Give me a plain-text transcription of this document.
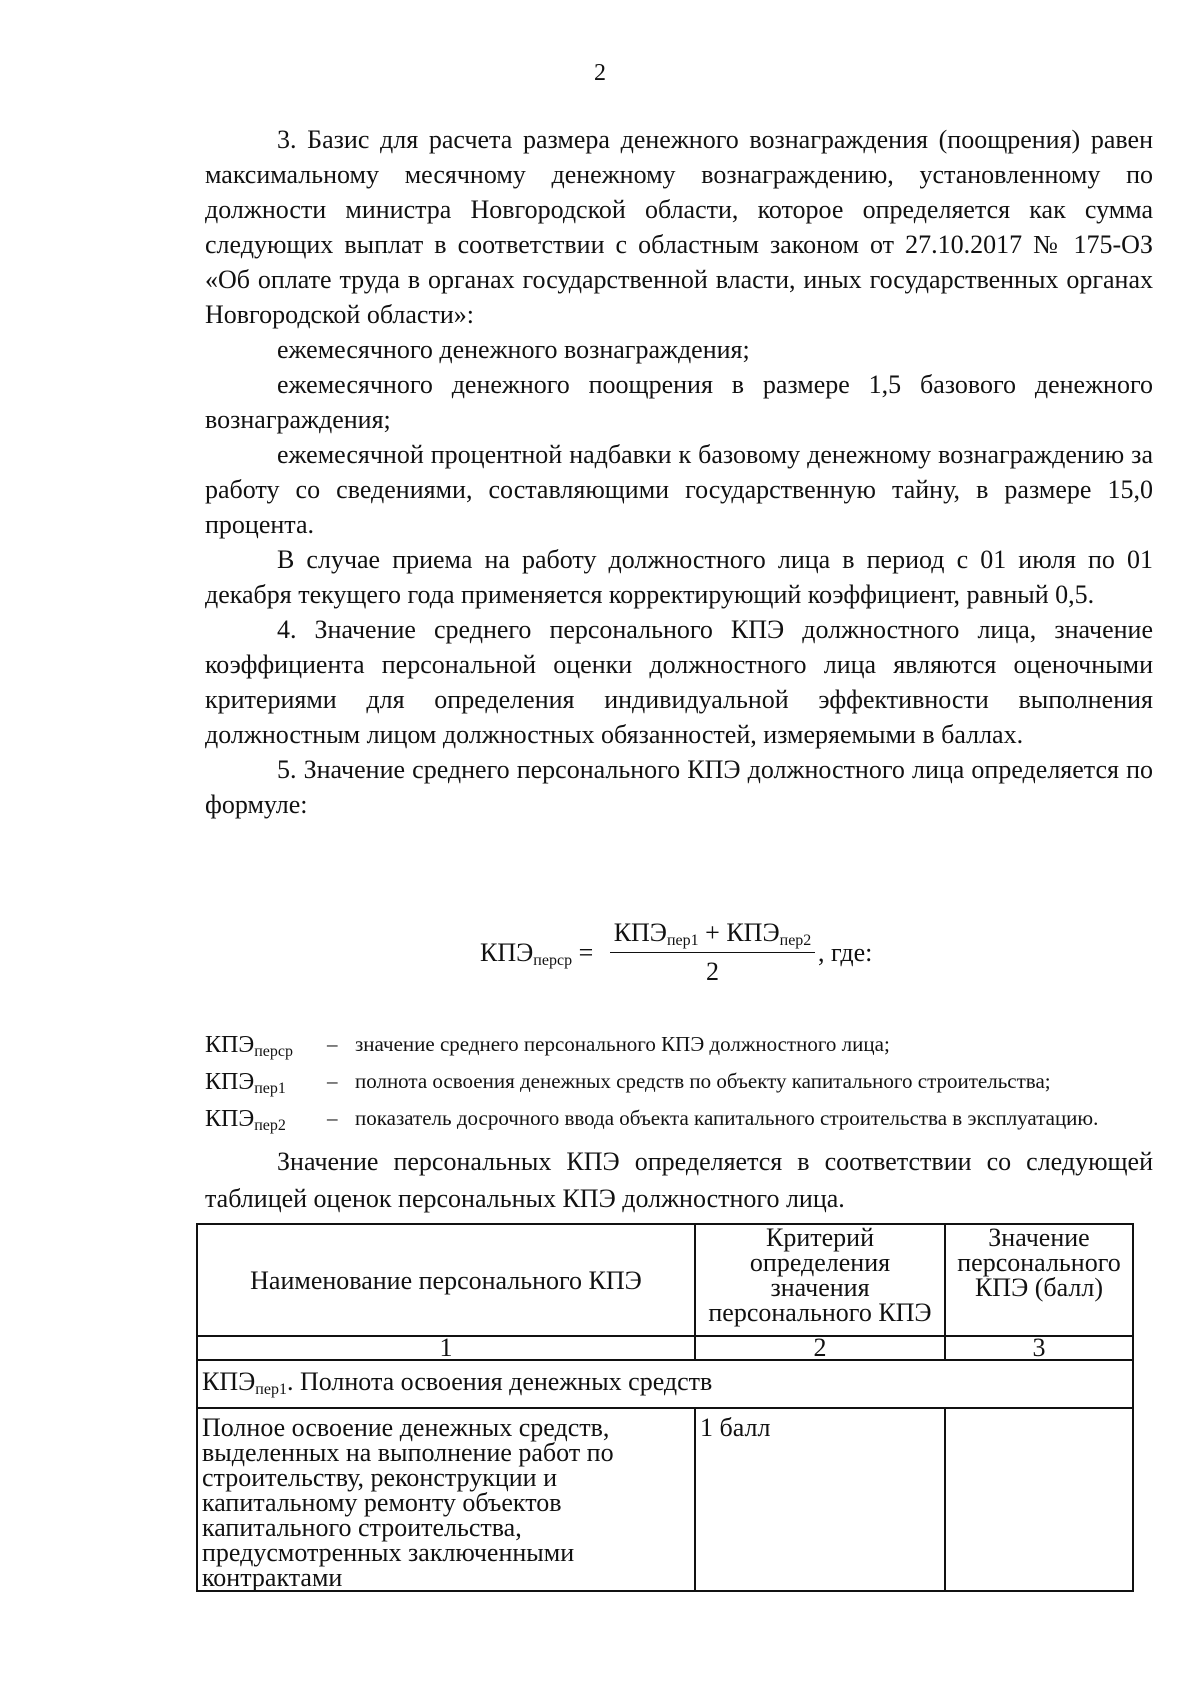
2

3. Базис для расчета размера денежного вознаграждения (поощрения) равен максимальному месячному денежному вознаграждению, установленному по должности министра Новгородской области, которое определяется как сумма следующих выплат в соответствии с областным законом от 27.10.2017 № 175-ОЗ «Об оплате труда в органах государственной власти, иных государственных органах Новгородской области»:

ежемесячного денежного вознаграждения;

ежемесячного денежного поощрения в размере 1,5 базового денежного вознаграждения;

ежемесячной процентной надбавки к базовому денежному вознаграждению за работу со сведениями, составляющими государственную тайну, в размере 15,0 процента.

В случае приема на работу должностного лица в период с 01 июля по 01 декабря текущего года применяется корректирующий коэффициент, равный 0,5.

4. Значение среднего персонального КПЭ должностного лица, значение коэффициента персональной оценки должностного лица являются оценочными критериями для определения индивидуальной эффективности выполнения должностным лицом должностных обязанностей, измеряемыми в баллах.

5. Значение среднего персонального КПЭ должностного лица определяется по формуле:

$КПЭ_{перср}$ =
$КПЭ_{пер1} + КПЭ_{пер2}$
2
, где:
$КПЭ_{перср}$ – значение среднего персонального КПЭ должностного лица;
$КПЭ_{пер1}$ – полнота освоения денежных средств по объекту капитального строительства;
$КПЭ_{пер2}$ – показатель досрочного ввода объекта капитального строительства в эксплуатацию.

Значение персональных КПЭ определяется в соответствии со следующей таблицей оценок персональных КПЭ должностного лица.

Наименование персонального КПЭ	Критерий определения значения персонального КПЭ	Значение персонального КПЭ (балл)
1	2	3
$КПЭ_{пер1}$. Полнота освоения денежных средств		
Полное освоение денежных средств, выделенных на выполнение работ по строительству, реконструкции и капитальному ремонту объектов капитального строительства, предусмотренных заключенными контрактами	1 балл	
